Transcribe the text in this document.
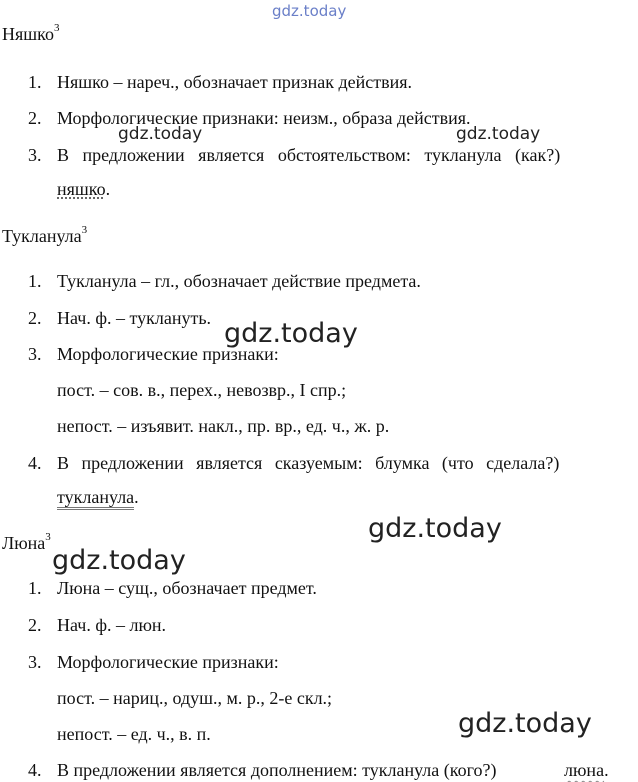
gdz.today
gdz.today	gdz.today
gdz.today
gdz.today
gdz.today
gdz.today
Няшко$^3$
1. Няшко – нареч., обозначает признак действия.
2. Морфологические признаки: неизм., образа действия.
3. В предложении является обстоятельством: тукланула (как?)
няшко.
Тукланула$^3$
1. Тукланула – гл., обозначает действие предмета.
2. Нач. ф. – туклануть.
3. Морфологические признаки:
пост. – сов. в., перех., невозвр., I спр.;
непост. – изъявит. накл., пр. вр., ед. ч., ж. р.
4. В предложении является сказуемым: блумка (что сделала?)
тукланула.
Люна$^3$
1. Люна – сущ., обозначает предмет.
2. Нач. ф. – люн.
3. Морфологические признаки:
пост. – нариц., одуш., м. р., 2-е скл.;
непост. – ед. ч., в. п.
4. В предложении является дополнением: тукланула (кого?)	люна.
